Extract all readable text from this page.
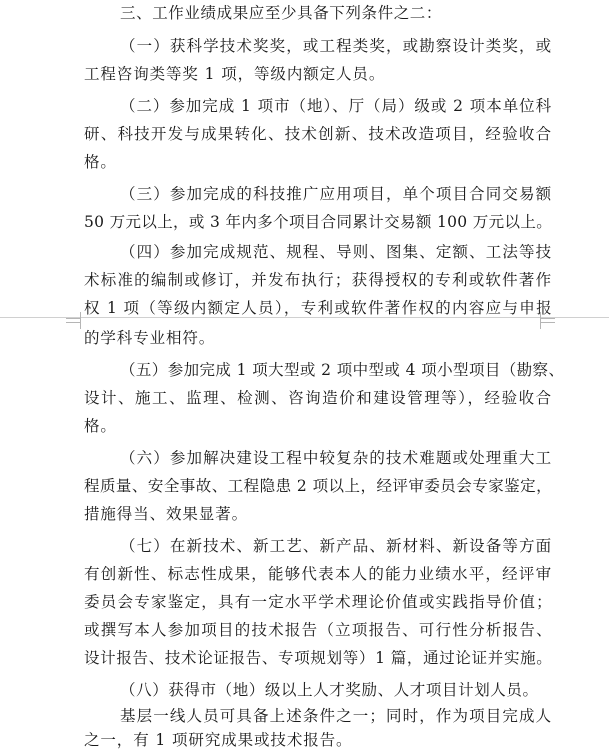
三、工作业绩成果应至少具备下列条件之二：
（一）获科学技术奖奖，或工程类奖，或勘察设计类奖，或
工程咨询类等奖 1 项，等级内额定人员。
（二）参加完成 1 项市（地）、厅（局）级或 2 项本单位科
研、科技开发与成果转化、技术创新、技术改造项目，经验收合
格。
（三）参加完成的科技推广应用项目，单个项目合同交易额
50 万元以上，或 3 年内多个项目合同累计交易额 100 万元以上。
（四）参加完成规范、规程、导则、图集、定额、工法等技
术标准的编制或修订，并发布执行；获得授权的专利或软件著作
权 1 项（等级内额定人员），专利或软件著作权的内容应与申报
的学科专业相符。
（五）参加完成 1 项大型或 2 项中型或 4 项小型项目（勘察、
设计、施工、监理、检测、咨询造价和建设管理等），经验收合
格。
（六）参加解决建设工程中较复杂的技术难题或处理重大工
程质量、安全事故、工程隐患 2 项以上，经评审委员会专家鉴定，
措施得当、效果显著。
（七）在新技术、新工艺、新产品、新材料、新设备等方面
有创新性、标志性成果，能够代表本人的能力业绩水平，经评审
委员会专家鉴定，具有一定水平学术理论价值或实践指导价值；
或撰写本人参加项目的技术报告（立项报告、可行性分析报告、
设计报告、技术论证报告、专项规划等）1 篇，通过论证并实施。
（八）获得市（地）级以上人才奖励、人才项目计划人员。
基层一线人员可具备上述条件之一；同时，作为项目完成人
之一，有 1 项研究成果或技术报告。
